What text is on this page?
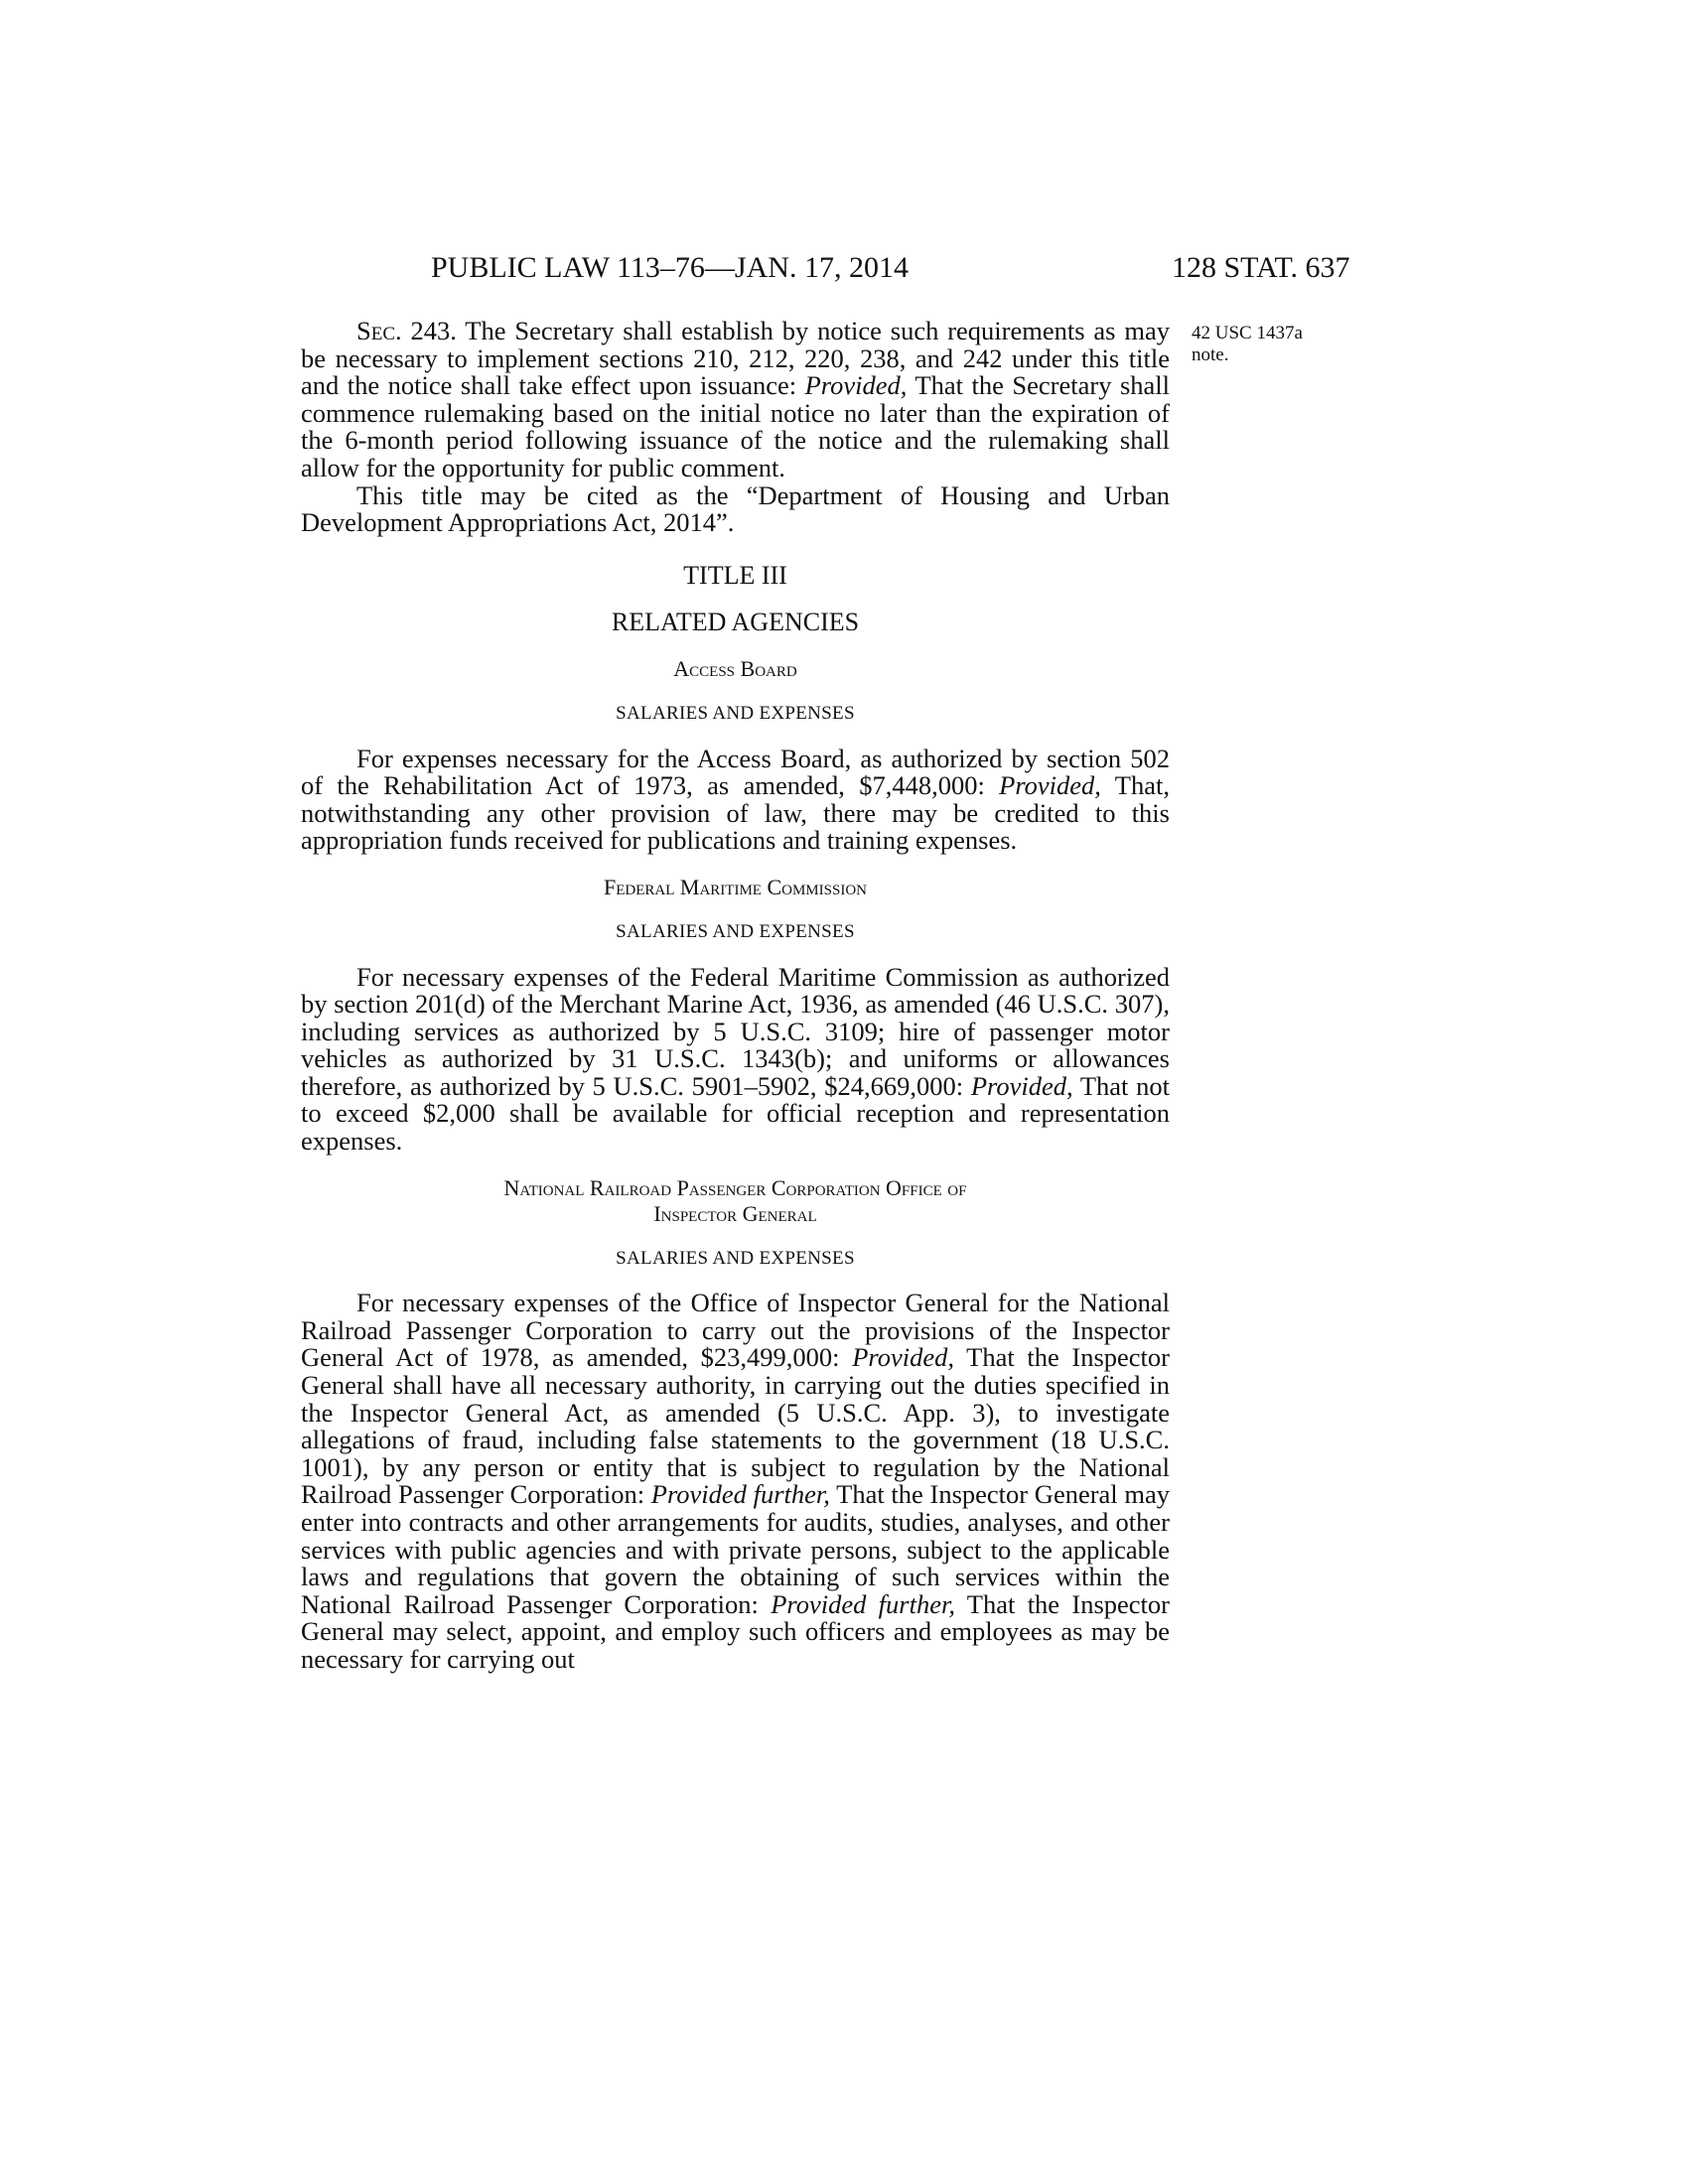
PUBLIC LAW 113–76—JAN. 17, 2014	128 STAT. 637
42 USC 1437a
note.

Sec. 243. The Secretary shall establish by notice such requirements as may be necessary to implement sections 210, 212, 220, 238, and 242 under this title and the notice shall take effect upon issuance: Provided, That the Secretary shall commence rulemaking based on the initial notice no later than the expiration of the 6-month period following issuance of the notice and the rulemaking shall allow for the opportunity for public comment.

This title may be cited as the “Department of Housing and Urban Development Appropriations Act, 2014”.

TITLE III

RELATED AGENCIES

Access Board

SALARIES AND EXPENSES

For expenses necessary for the Access Board, as authorized by section 502 of the Rehabilitation Act of 1973, as amended, $7,448,000: Provided, That, notwithstanding any other provision of law, there may be credited to this appropriation funds received for publications and training expenses.

Federal Maritime Commission

SALARIES AND EXPENSES

For necessary expenses of the Federal Maritime Commission as authorized by section 201(d) of the Merchant Marine Act, 1936, as amended (46 U.S.C. 307), including services as authorized by 5 U.S.C. 3109; hire of passenger motor vehicles as authorized by 31 U.S.C. 1343(b); and uniforms or allowances therefore, as authorized by 5 U.S.C. 5901–5902, $24,669,000: Provided, That not to exceed $2,000 shall be available for official reception and representation expenses.

National Railroad Passenger Corporation Office of
Inspector General

SALARIES AND EXPENSES

For necessary expenses of the Office of Inspector General for the National Railroad Passenger Corporation to carry out the provisions of the Inspector General Act of 1978, as amended, $23,499,000: Provided, That the Inspector General shall have all necessary authority, in carrying out the duties specified in the Inspector General Act, as amended (5 U.S.C. App. 3), to investigate allegations of fraud, including false statements to the government (18 U.S.C. 1001), by any person or entity that is subject to regulation by the National Railroad Passenger Corporation: Provided further, That the Inspector General may enter into contracts and other arrangements for audits, studies, analyses, and other services with public agencies and with private persons, subject to the applicable laws and regulations that govern the obtaining of such services within the National Railroad Passenger Corporation: Provided further, That the Inspector General may select, appoint, and employ such officers and employees as may be necessary for carrying out
